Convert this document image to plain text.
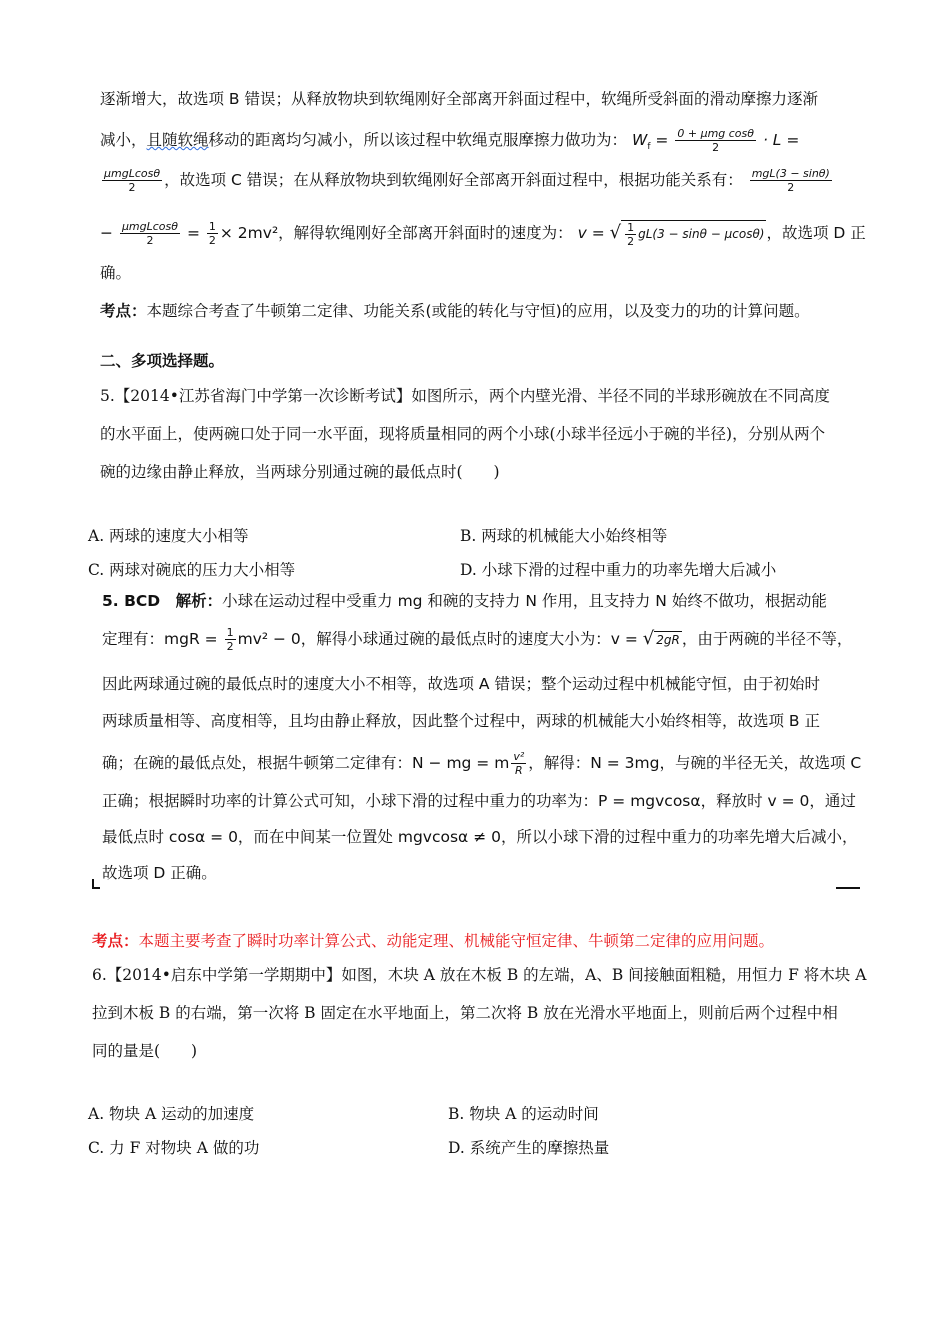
逐渐增大，故选项 B 错误；从释放物块到软绳刚好全部离开斜面过程中，软绳所受斜面的滑动摩擦力逐渐
减小，且随软绳移动的距离均匀减小，所以该过程中软绳克服摩擦力做功为： $W_f = \frac{\text{0 + μmg cosθ}}{2} \cdot L$ =
$\frac{\text{μmgLcosθ}}{2}$ ，故选项 C 错误；在从释放物块到软绳刚好全部离开斜面过程中，根据功能关系有： $\frac{\text{mgL(3 − sinθ)}}{2}$
− $\frac{\text{μmgLcosθ}}{2} = \frac{1}{2} \times 2mv^2$，解得软绳刚好全部离开斜面时的速度为： v = √ $\frac{1}{2} gL(3 - \sin\theta - \mu\cos\theta)$ ，故选项 D 正
确。
考点：本题综合考查了牛顿第二定律、功能关系(或能的转化与守恒)的应用，以及变力的功的计算问题。
二、多项选择题。
5.【2014•江苏省海门中学第一次诊断考试】如图所示，两个内壁光滑、半径不同的半球形碗放在不同高度
的水平面上，使两碗口处于同一水平面，现将质量相同的两个小球(小球半径远小于碗的半径)，分别从两个
碗的边缘由静止释放，当两球分别通过碗的最低点时(　　)
A. 两球的速度大小相等	B. 两球的机械能大小始终相等
C. 两球对碗底的压力大小相等	D. 小球下滑的过程中重力的功率先增大后减小
5. BCD　解析：小球在运动过程中受重力 mg 和碗的支持力 N 作用，且支持力 N 始终不做功，根据动能
定理有：mgR = $\frac{1}{2} mv^2 - 0$，解得小球通过碗的最低点时的速度大小为：v = √ 2gR ，由于两碗的半径不等，
因此两球通过碗的最低点时的速度大小不相等，故选项 A 错误；整个运动过程中机械能守恒，由于初始时
两球质量相等、高度相等，且均由静止释放，因此整个过程中，两球的机械能大小始终相等，故选项 B 正
确；在碗的最低点处，根据牛顿第二定律有：N − mg = m $\frac{\text{v²}}{R}$ ，解得：N = 3mg，与碗的半径无关，故选项 C
正确；根据瞬时功率的计算公式可知，小球下滑的过程中重力的功率为：P = mgvcosα，释放时 v = 0，通过
最低点时 cosα = 0，而在中间某一位置处 mgvcosα ≠ 0，所以小球下滑的过程中重力的功率先增大后减小，
故选项 D 正确。
考点：本题主要考查了瞬时功率计算公式、动能定理、机械能守恒定律、牛顿第二定律的应用问题。
6.【2014•启东中学第一学期期中】如图，木块 A 放在木板 B 的左端，A、B 间接触面粗糙，用恒力 F 将木块 A
拉到木板 B 的右端，第一次将 B 固定在水平地面上，第二次将 B 放在光滑水平地面上，则前后两个过程中相
同的量是(　　)
A. 物块 A 运动的加速度	B. 物块 A 的运动时间
C. 力 F 对物块 A 做的功	D. 系统产生的摩擦热量
